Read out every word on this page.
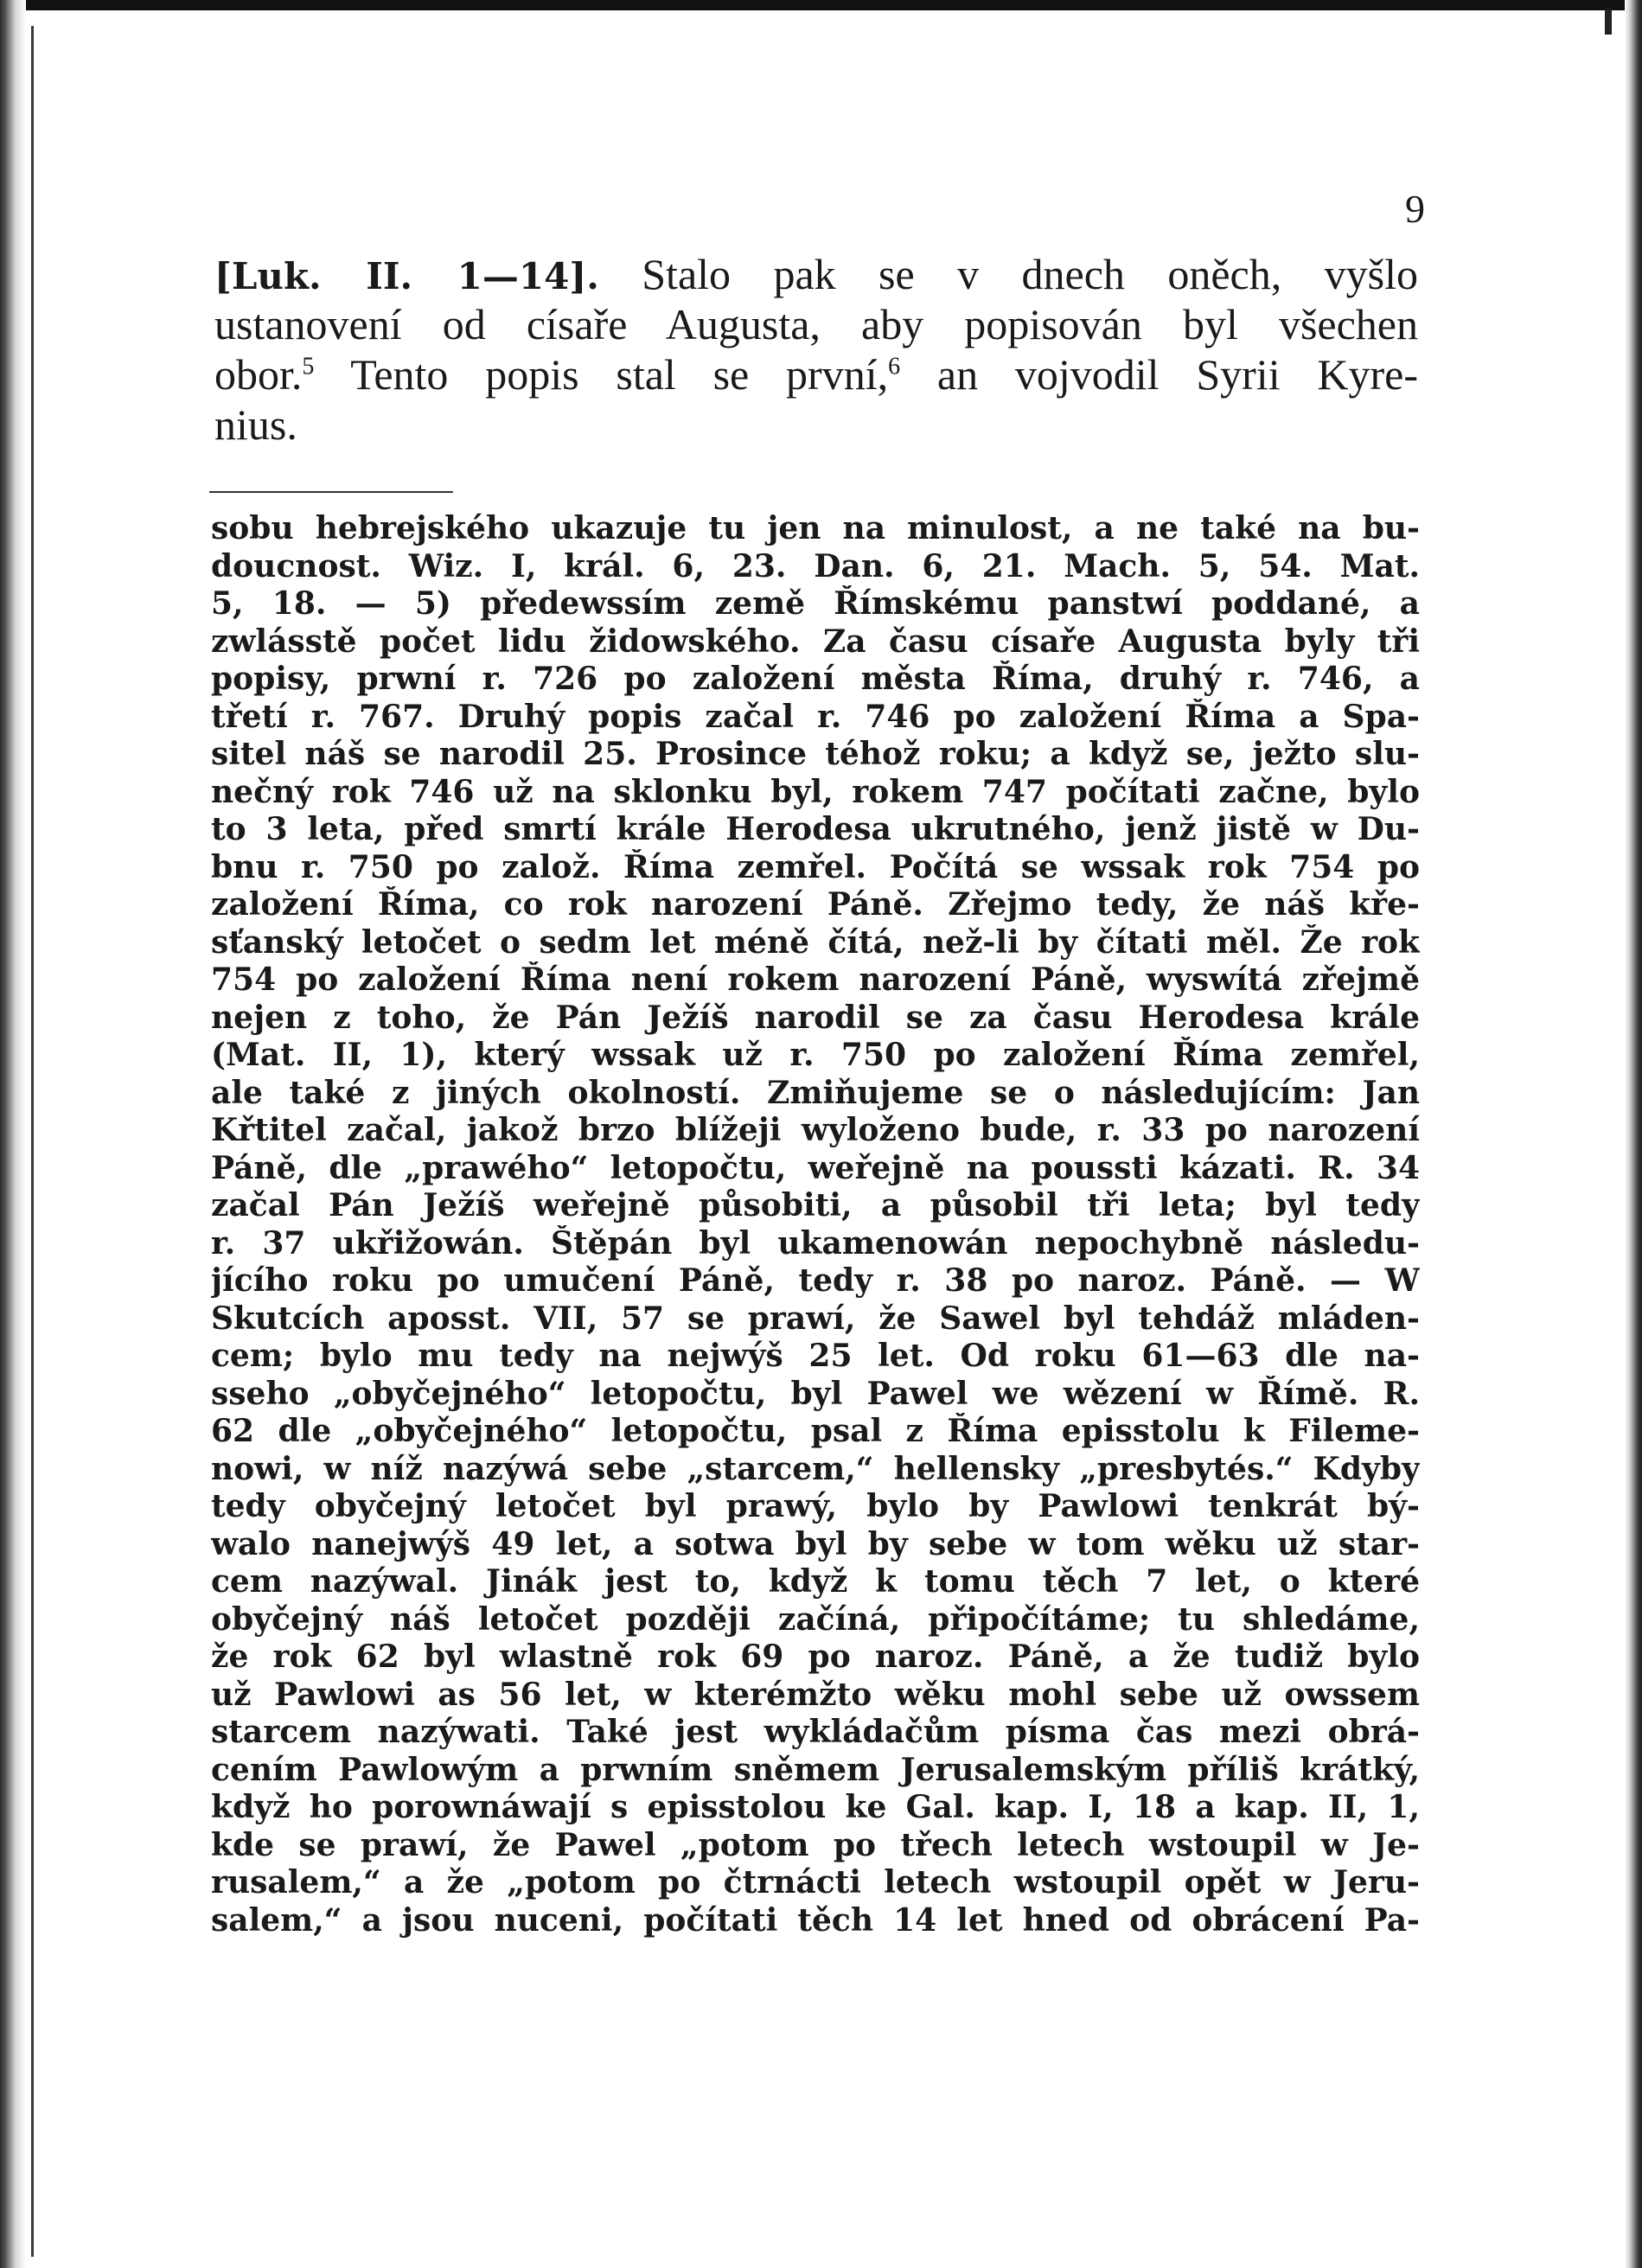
9
[Luk. II. 1—14]. Stalo pak se v dnech oněch, vyšlo
ustanovení od císaře Augusta, aby popisován byl všechen
obor.$^5$ Tento popis stal se první,$^6$ an vojvodil Syrii Kyre-
nius.
sobu hebrejského ukazuje tu jen na minulost, a ne také na bu-
doucnost. Wiz. I, král. 6, 23. Dan. 6, 21. Mach. 5, 54. Mat.
5, 18. — 5) předewssím země Římskému panstwí poddané, a
zwlásstě počet lidu židowského. Za času císaře Augusta byly tři
popisy, prwní r. 726 po založení města Říma, druhý r. 746, a
třetí r. 767. Druhý popis začal r. 746 po založení Říma a Spa-
sitel náš se narodil 25. Prosince téhož roku; a když se, ježto slu-
nečný rok 746 už na sklonku byl, rokem 747 počítati začne, bylo
to 3 leta, před smrtí krále Herodesa ukrutného, jenž jistě w Du-
bnu r. 750 po založ. Říma zemřel. Počítá se wssak rok 754 po
založení Říma, co rok narození Páně. Zřejmo tedy, že náš kře-
sťanský letočet o sedm let méně čítá, než-li by čítati měl. Že rok
754 po založení Říma není rokem narození Páně, wyswítá zřejmě
nejen z toho, že Pán Ježíš narodil se za času Herodesa krále
(Mat. II, 1), který wssak už r. 750 po založení Říma zemřel,
ale také z jiných okolností. Zmiňujeme se o následujícím: Jan
Křtitel začal, jakož brzo blížeji wyloženo bude, r. 33 po narození
Páně, dle „prawého“ letopočtu, weřejně na poussti kázati. R. 34
začal Pán Ježíš weřejně působiti, a působil tři leta; byl tedy
r. 37 ukřižowán. Štěpán byl ukamenowán nepochybně následu-
jícího roku po umučení Páně, tedy r. 38 po naroz. Páně. — W
Skutcích aposst. VII, 57 se prawí, že Sawel byl tehdáž mláden-
cem; bylo mu tedy na nejwýš 25 let. Od roku 61—63 dle na-
sseho „obyčejného“ letopočtu, byl Pawel we wězení w Římě. R.
62 dle „obyčejného“ letopočtu, psal z Říma episstolu k Fileme-
nowi, w níž nazýwá sebe „starcem,“ hellensky „presbytés.“ Kdyby
tedy obyčejný letočet byl prawý, bylo by Pawlowi tenkrát bý-
walo nanejwýš 49 let, a sotwa byl by sebe w tom wěku už star-
cem nazýwal. Jinák jest to, když k tomu těch 7 let, o které
obyčejný náš letočet později začíná, připočítáme; tu shledáme,
že rok 62 byl wlastně rok 69 po naroz. Páně, a že tudiž bylo
už Pawlowi as 56 let, w kterémžto wěku mohl sebe už owssem
starcem nazýwati. Také jest wykládačům písma čas mezi obrá-
cením Pawlowým a prwním sněmem Jerusalemským příliš krátký,
když ho porownáwají s episstolou ke Gal. kap. I, 18 a kap. II, 1,
kde se prawí, že Pawel „potom po třech letech wstoupil w Je-
rusalem,“ a že „potom po čtrnácti letech wstoupil opět w Jeru-
salem,“ a jsou nuceni, počítati těch 14 let hned od obrácení Pa-
